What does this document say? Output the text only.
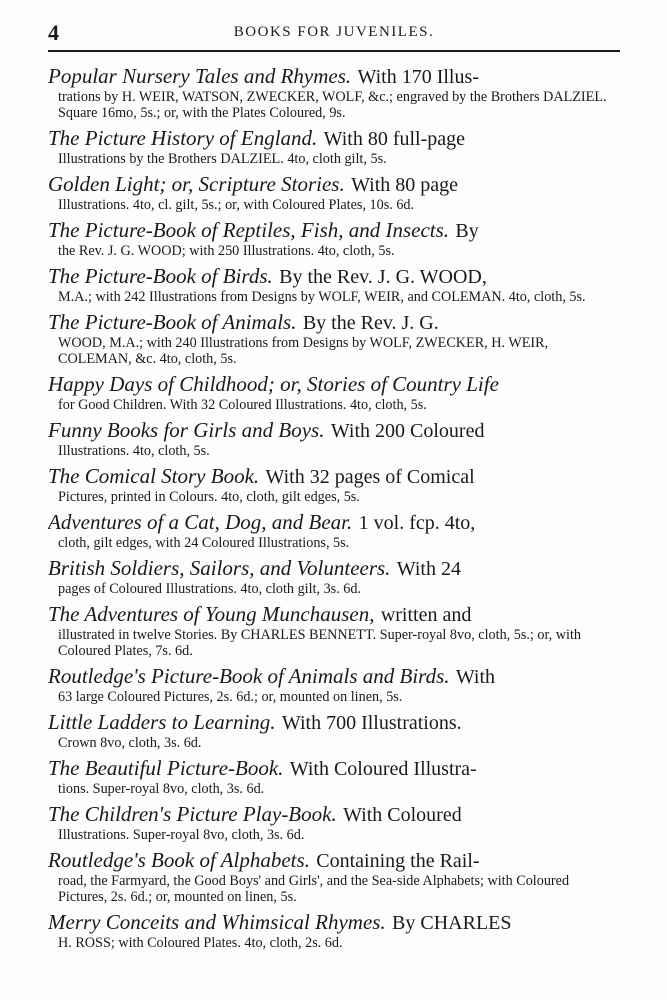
4	BOOKS FOR JUVENILES.
Popular Nursery Tales and Rhymes. With 170 Illus-
trations by H. WEIR, WATSON, ZWECKER, WOLF, &c.; engraved by the Brothers DALZIEL. Square 16mo, 5s.; or, with the Plates Coloured, 9s.
The Picture History of England. With 80 full-page
Illustrations by the Brothers DALZIEL. 4to, cloth gilt, 5s.
Golden Light; or, Scripture Stories. With 80 page
Illustrations. 4to, cl. gilt, 5s.; or, with Coloured Plates, 10s. 6d.
The Picture-Book of Reptiles, Fish, and Insects. By
the Rev. J. G. WOOD; with 250 Illustrations. 4to, cloth, 5s.
The Picture-Book of Birds. By the Rev. J. G. WOOD,
M.A.; with 242 Illustrations from Designs by WOLF, WEIR, and COLEMAN. 4to, cloth, 5s.
The Picture-Book of Animals. By the Rev. J. G.
WOOD, M.A.; with 240 Illustrations from Designs by WOLF, ZWECKER, H. WEIR, COLEMAN, &c. 4to, cloth, 5s.
Happy Days of Childhood; or, Stories of Country Life
for Good Children. With 32 Coloured Illustrations. 4to, cloth, 5s.
Funny Books for Girls and Boys. With 200 Coloured
Illustrations. 4to, cloth, 5s.
The Comical Story Book. With 32 pages of Comical
Pictures, printed in Colours. 4to, cloth, gilt edges, 5s.
Adventures of a Cat, Dog, and Bear. 1 vol. fcp. 4to,
cloth, gilt edges, with 24 Coloured Illustrations, 5s.
British Soldiers, Sailors, and Volunteers. With 24
pages of Coloured Illustrations. 4to, cloth gilt, 3s. 6d.
The Adventures of Young Munchausen, written and
illustrated in twelve Stories. By CHARLES BENNETT. Super-royal 8vo, cloth, 5s.; or, with Coloured Plates, 7s. 6d.
Routledge's Picture-Book of Animals and Birds. With
63 large Coloured Pictures, 2s. 6d.; or, mounted on linen, 5s.
Little Ladders to Learning. With 700 Illustrations.
Crown 8vo, cloth, 3s. 6d.
The Beautiful Picture-Book. With Coloured Illustra-
tions. Super-royal 8vo, cloth, 3s. 6d.
The Children's Picture Play-Book. With Coloured
Illustrations. Super-royal 8vo, cloth, 3s. 6d.
Routledge's Book of Alphabets. Containing the Rail-
road, the Farmyard, the Good Boys' and Girls', and the Sea-side Alphabets; with Coloured Pictures, 2s. 6d.; or, mounted on linen, 5s.
Merry Conceits and Whimsical Rhymes. By CHARLES
H. ROSS; with Coloured Plates. 4to, cloth, 2s. 6d.
